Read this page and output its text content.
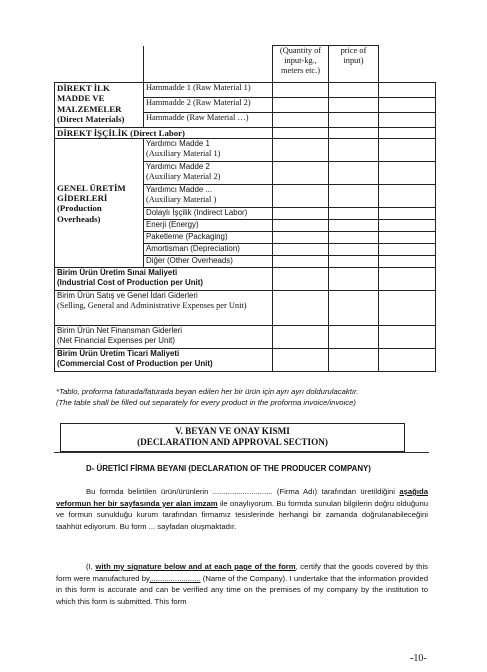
		(Quantity of input-kg., meters etc.)	price of input)	
DİREKT İLK MADDE VE MALZEMELER (Direct Materials)	Hammadde 1 (Raw Material 1)			
	Hammadde 2 (Raw Material 2)			
	Hammadde (Raw Material …)			
DİREKT İŞÇİLİK (Direct Labor)				
GENEL ÜRETİM GİDERLERİ (Production Overheads)	Yardımcı Madde 1
(Auxiliary Material 1)			

	Yardımcı Madde 2
(Auxiliary Material 2)			

	Yardımcı Madde ...
(Auxiliary Material )			

	Dolaylı İşçilik (Indirect Labor)			
	Enerji (Energy)			
	Paketleme (Packaging)			
	Amortisman (Depreciation)			
	Diğer (Other Overheads)			

Birim Ürün Üretim Sınai Maliyeti
(Industrial Cost of Production per Unit)				

Birim Ürün Satış ve Genel İdari Giderleri
(Selling, General and Administrative Expenses per Unit)				

Birim Ürün Net Finansman Giderleri
(Net Financial Expenses per Unit)				

Birim Ürün Üretim Ticari Maliyeti
(Commercial Cost of Production per Unit)				

*Tablo, proforma faturada/faturada beyan edilen her bir ürün için ayrı ayrı doldurulacaktır.
(The table shall be filled out separately for every product in the proforma invoice/invoice)
V. BEYAN VE ONAY KISMI
(DECLARATION AND APPROVAL SECTION)
D- ÜRETİCİ FİRMA BEYANI (DECLARATION OF THE PRODUCER COMPANY)

Bu formda belirtilen ürün/ürünlerin ............................ (Firma Adı) tarafından üretildiğini aşağıda veformun her bir sayfasında yer alan imzam ile onaylıyorum. Bu formda sunulan bilgilerin doğru olduğunu ve formun sunulduğu kurum tarafından firmamız tesislerinde herhangi bir zamanda doğrulanabileceğini taahhüt ediyorum. Bu form ... sayfadan oluşmaktadır.

(I, with my signature below and at each page of the form, certify that the goods covered by this form were manufactured by........................ (Name of the Company). I undertake that the information provided in this form is accurate and can be verified any time on the premises of my company by the institution to which this form is submitted. This form

-10-
